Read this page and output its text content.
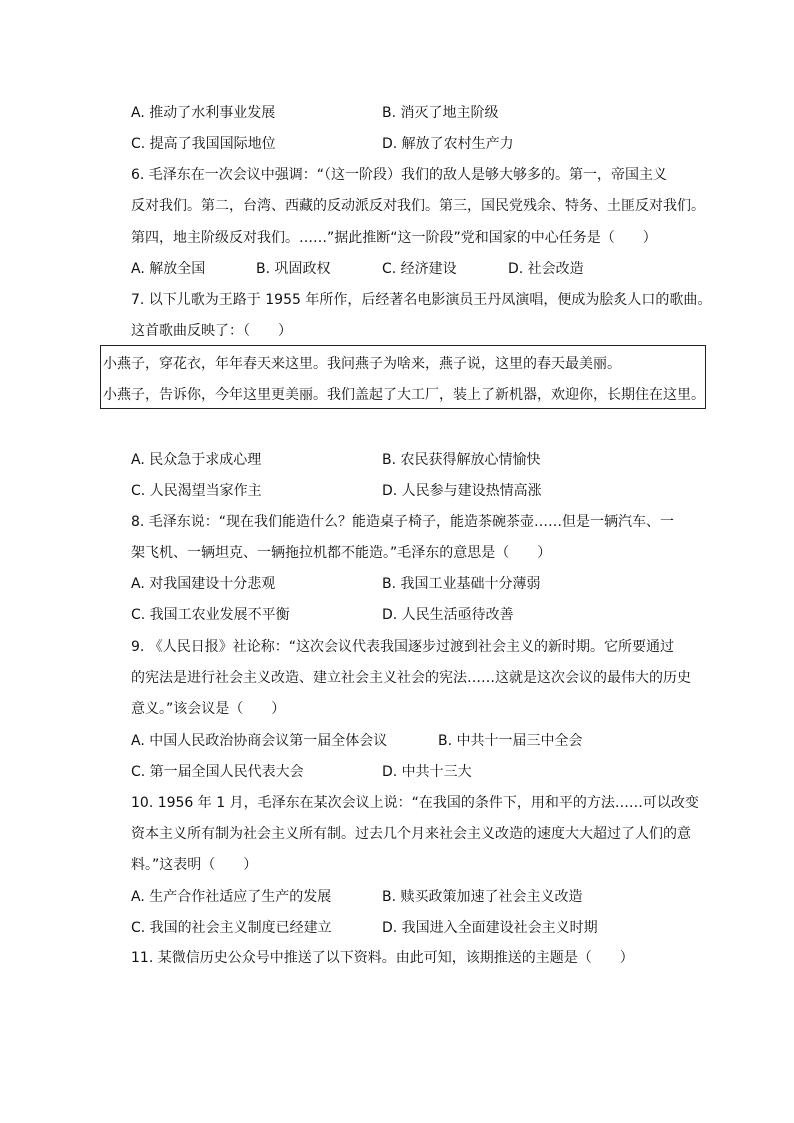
A. 推动了水利事业发展	B. 消灭了地主阶级
C. 提高了我国国际地位	D. 解放了农村生产力
6. 毛泽东在一次会议中强调：“（这一阶段）我们的敌人是够大够多的。第一，帝国主义
反对我们。第二，台湾、西藏的反动派反对我们。第三，国民党残余、特务、土匪反对我们。
第四，地主阶级反对我们。……”据此推断“这一阶段”党和国家的中心任务是（　　）
A. 解放全国	B. 巩固政权	C. 经济建设	D. 社会改造
7. 以下儿歌为王路于 1955 年所作，后经著名电影演员王丹凤演唱，便成为脍炙人口的歌曲。
这首歌曲反映了：（　　）
小燕子，穿花衣，年年春天来这里。我问燕子为啥来，燕子说，这里的春天最美丽。
小燕子，告诉你，今年这里更美丽。我们盖起了大工厂，装上了新机器，欢迎你，长期住在这里。
A. 民众急于求成心理	B. 农民获得解放心情愉快
C. 人民渴望当家作主	D. 人民参与建设热情高涨
8. 毛泽东说：“现在我们能造什么？能造桌子椅子，能造茶碗茶壶……但是一辆汽车、一
架飞机、一辆坦克、一辆拖拉机都不能造。”毛泽东的意思是（　　）
A. 对我国建设十分悲观	B. 我国工业基础十分薄弱
C. 我国工农业发展不平衡	D. 人民生活亟待改善
9. 《人民日报》社论称：“这次会议代表我国逐步过渡到社会主义的新时期。它所要通过
的宪法是进行社会主义改造、建立社会主义社会的宪法……这就是这次会议的最伟大的历史
意义。”该会议是（　　）
A. 中国人民政治协商会议第一届全体会议	B. 中共十一届三中全会
C. 第一届全国人民代表大会	D. 中共十三大
10. 1956 年 1 月，毛泽东在某次会议上说：“在我国的条件下，用和平的方法……可以改变
资本主义所有制为社会主义所有制。过去几个月来社会主义改造的速度大大超过了人们的意
料。”这表明（　　）
A. 生产合作社适应了生产的发展	B. 赎买政策加速了社会主义改造
C. 我国的社会主义制度已经建立	D. 我国进入全面建设社会主义时期
11. 某微信历史公众号中推送了以下资料。由此可知，该期推送的主题是（　　）
